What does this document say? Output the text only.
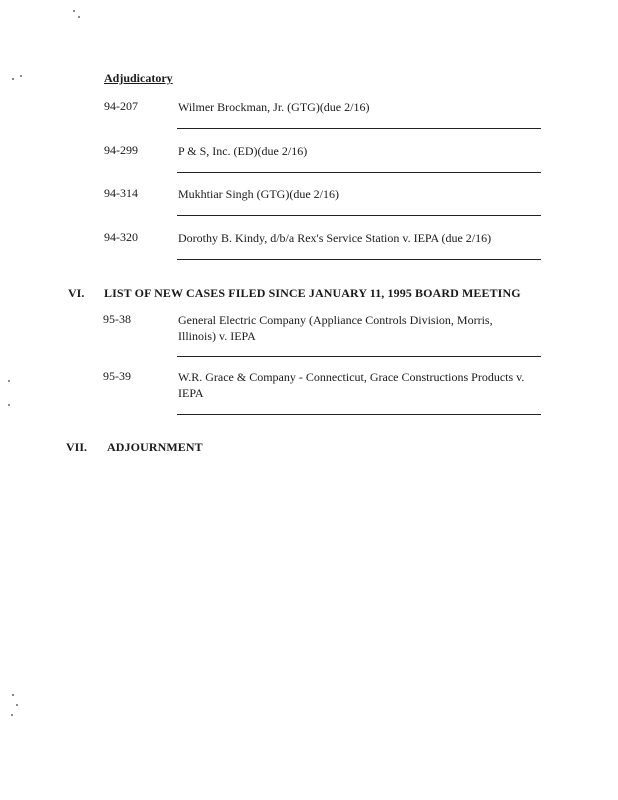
Adjudicatory
94-207	Wilmer Brockman, Jr. (GTG)(due 2/16)
94-299	P & S, Inc. (ED)(due 2/16)
94-314	Mukhtiar Singh (GTG)(due 2/16)
94-320	Dorothy B. Kindy, d/b/a Rex's Service Station v. IEPA (due 2/16)
VI. LIST OF NEW CASES FILED SINCE JANUARY 11, 1995 BOARD MEETING
95-38	General Electric Company (Appliance Controls Division, Morris, Illinois) v. IEPA
95-39	W.R. Grace & Company - Connecticut, Grace Constructions Products v. IEPA
VII. ADJOURNMENT
